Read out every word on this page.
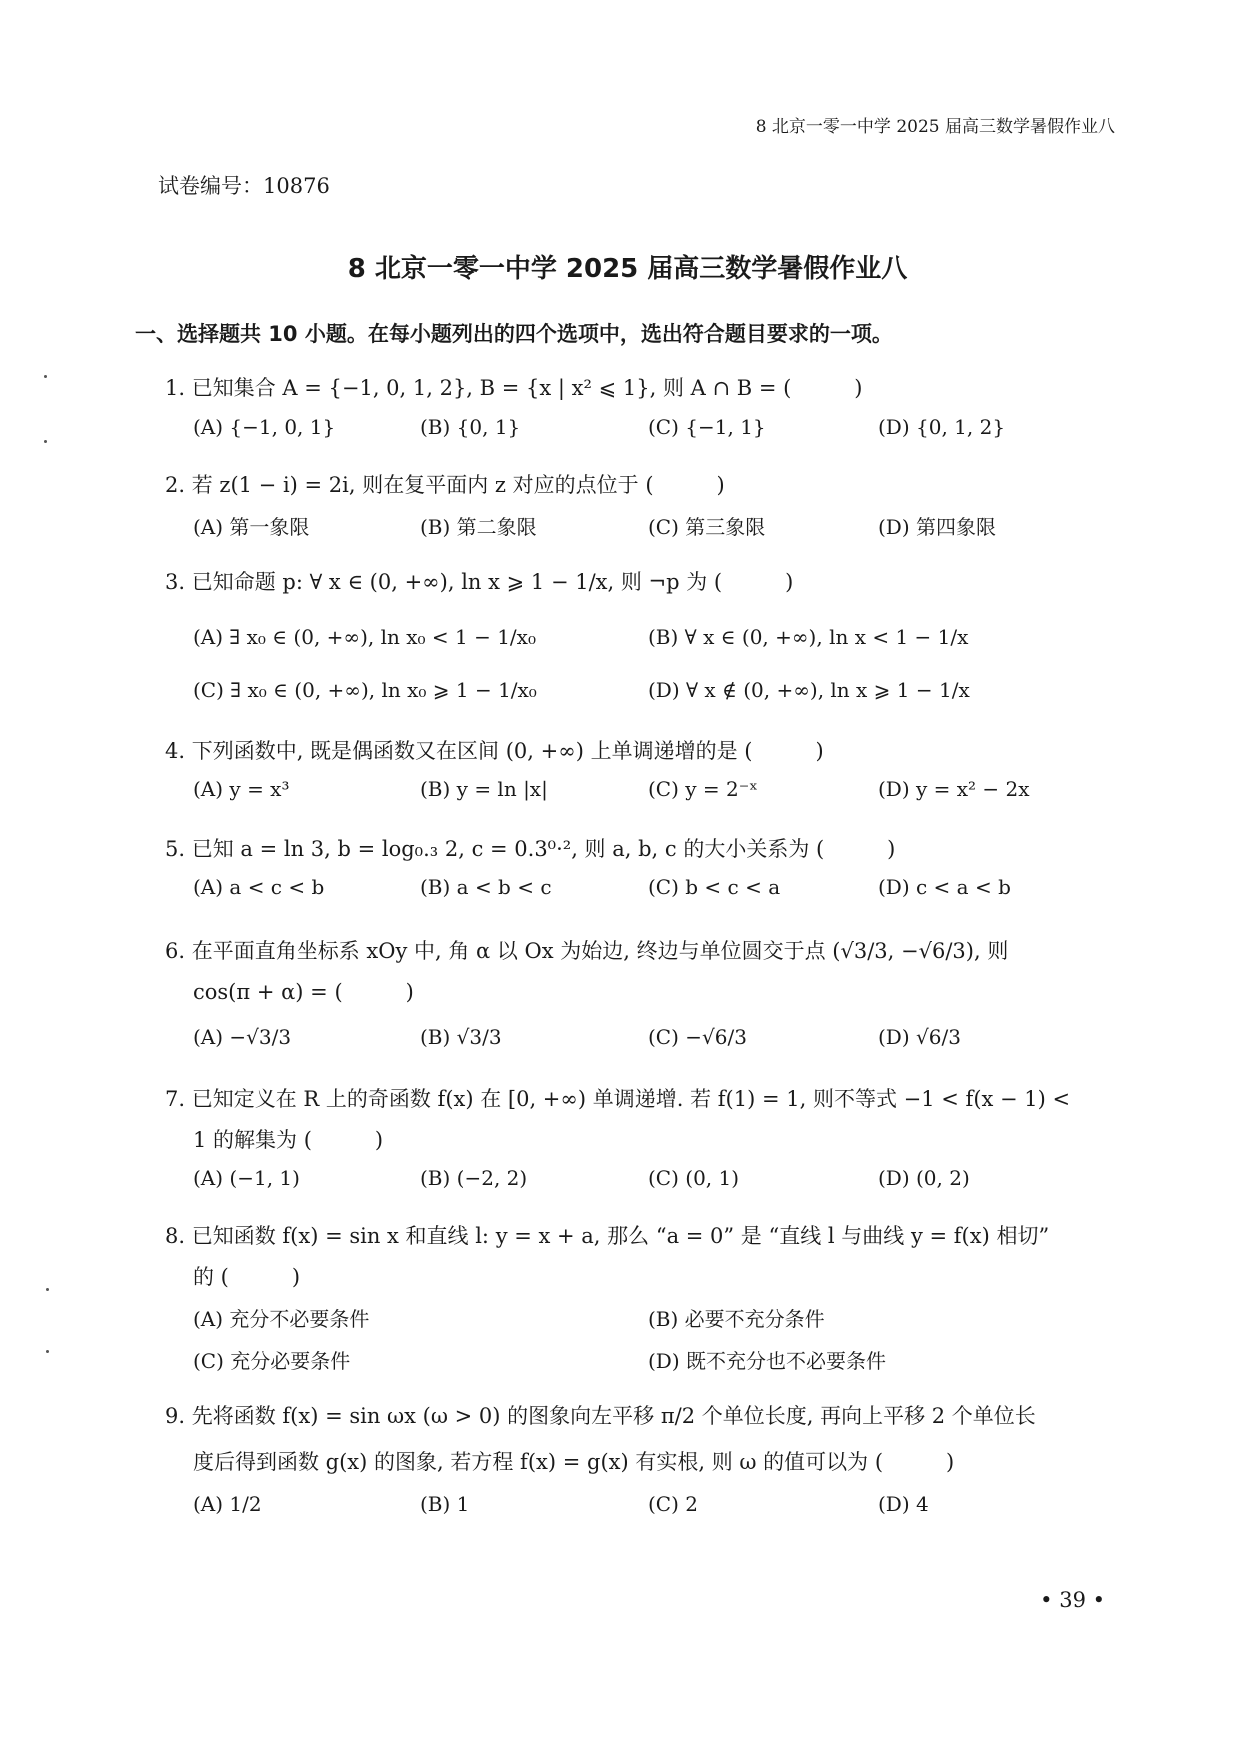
8 北京一零一中学 2025 届高三数学暑假作业八
试卷编号：10876
8 北京一零一中学 2025 届高三数学暑假作业八
一、选择题共 10 小题。在每小题列出的四个选项中，选出符合题目要求的一项。
1. 已知集合 A = {−1, 0, 1, 2}, B = {x | x² ⩽ 1}, 则 A ∩ B = (　　　)
(A) {−1, 0, 1}	(B) {0, 1}	(C) {−1, 1}	(D) {0, 1, 2}
2. 若 z(1 − i) = 2i, 则在复平面内 z 对应的点位于 (　　　)
(A) 第一象限	(B) 第二象限	(C) 第三象限	(D) 第四象限
3. 已知命题 p: ∀ x ∈ (0, +∞), ln x ⩾ 1 − 1/x, 则 ¬p 为 (　　　)
(A) ∃ x₀ ∈ (0, +∞), ln x₀ < 1 − 1/x₀	(B) ∀ x ∈ (0, +∞), ln x < 1 − 1/x
(C) ∃ x₀ ∈ (0, +∞), ln x₀ ⩾ 1 − 1/x₀	(D) ∀ x ∉ (0, +∞), ln x ⩾ 1 − 1/x
4. 下列函数中, 既是偶函数又在区间 (0, +∞) 上单调递增的是 (　　　)
(A) y = x³	(B) y = ln |x|	(C) y = 2⁻ˣ	(D) y = x² − 2x
5. 已知 a = ln 3, b = log₀.₃ 2, c = 0.3⁰·², 则 a, b, c 的大小关系为 (　　　)
(A) a < c < b	(B) a < b < c	(C) b < c < a	(D) c < a < b
6. 在平面直角坐标系 xOy 中, 角 α 以 Ox 为始边, 终边与单位圆交于点 (√3/3, −√6/3), 则
cos(π + α) = (　　　)
(A) −√3/3	(B) √3/3	(C) −√6/3	(D) √6/3
7. 已知定义在 R 上的奇函数 f(x) 在 [0, +∞) 单调递增. 若 f(1) = 1, 则不等式 −1 < f(x − 1) <
1 的解集为 (　　　)
(A) (−1, 1)	(B) (−2, 2)	(C) (0, 1)	(D) (0, 2)
8. 已知函数 f(x) = sin x 和直线 l: y = x + a, 那么 “a = 0” 是 “直线 l 与曲线 y = f(x) 相切”
的 (　　　)
(A) 充分不必要条件	(B) 必要不充分条件
(C) 充分必要条件	(D) 既不充分也不必要条件
9. 先将函数 f(x) = sin ωx (ω > 0) 的图象向左平移 π/2 个单位长度, 再向上平移 2 个单位长
度后得到函数 g(x) 的图象, 若方程 f(x) = g(x) 有实根, 则 ω 的值可以为 (　　　)
(A) 1/2	(B) 1	(C) 2	(D) 4
• 39 •
